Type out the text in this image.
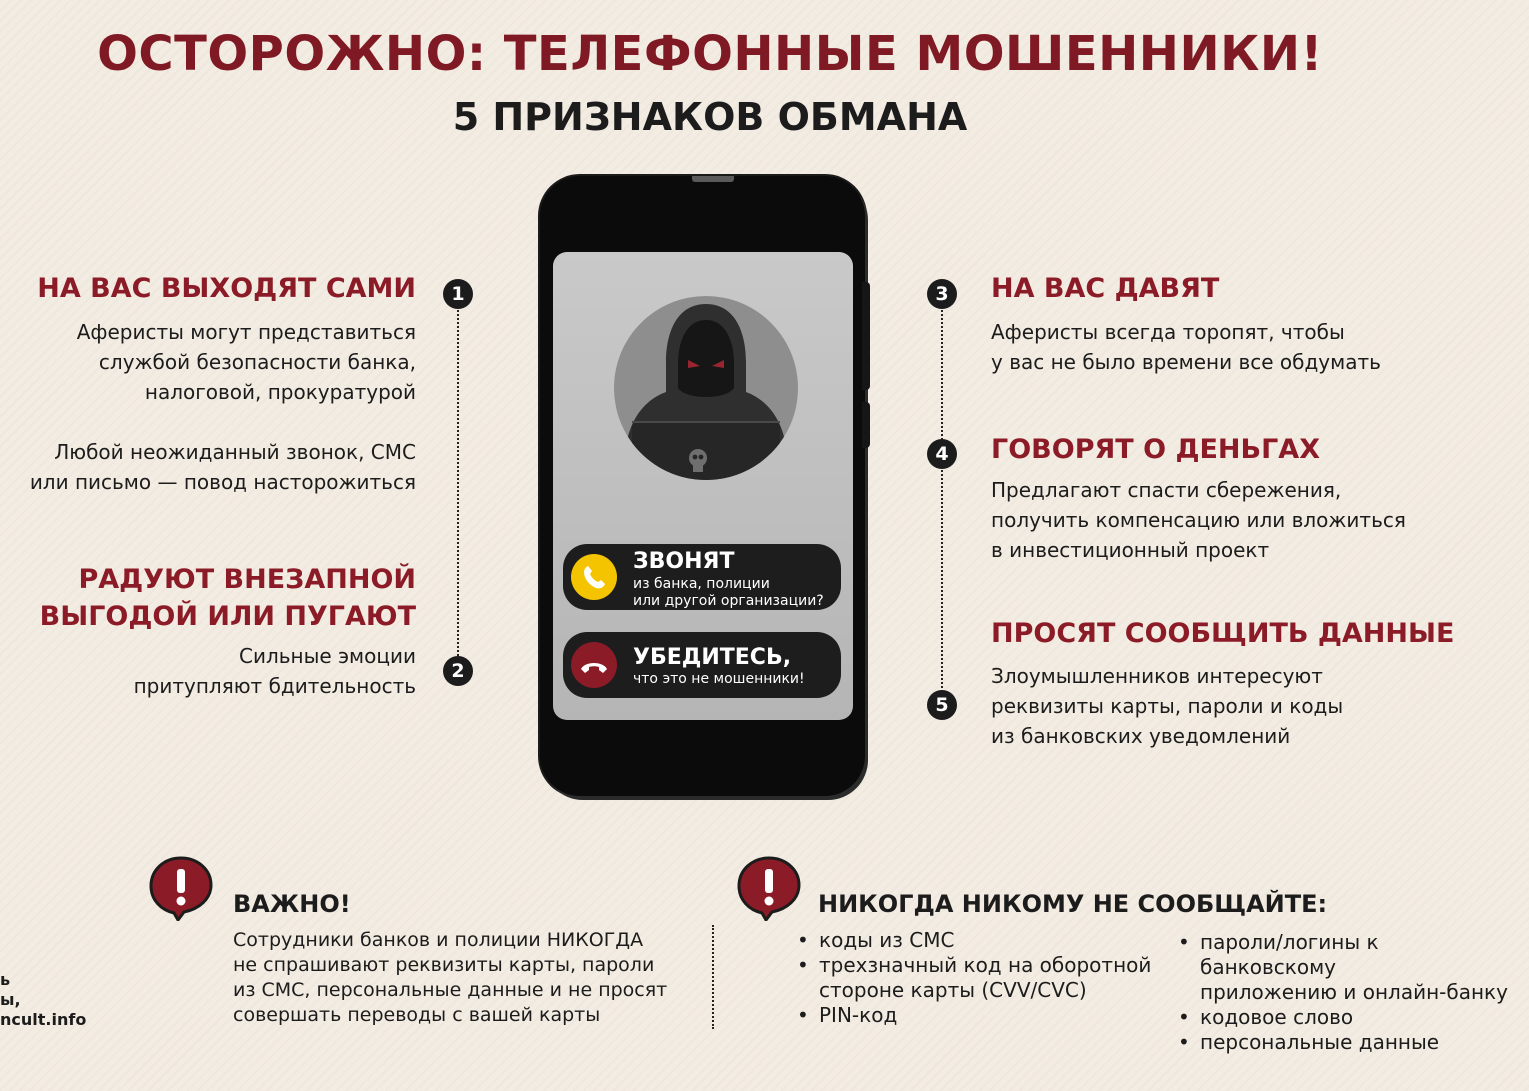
ОСТОРОЖНО: ТЕЛЕФОННЫЕ МОШЕННИКИ!
5 ПРИЗНАКОВ ОБМАНА
НА ВАС ВЫХОДЯТ САМИ
Аферисты могут представиться
службой безопасности банка,
налоговой, прокуратурой
Любой неожиданный звонок, СМС
или письмо — повод насторожиться
РАДУЮТ ВНЕЗАПНОЙ
ВЫГОДОЙ ИЛИ ПУГАЮТ
Сильные эмоции
притупляют бдительность
1
2
3
4
5
НА ВАС ДАВЯТ
Аферисты всегда торопят, чтобы
у вас не было времени все обдумать
ГОВОРЯТ О ДЕНЬГАХ
Предлагают спасти сбережения,
получить компенсацию или вложиться
в инвестиционный проект
ПРОСЯТ СООБЩИТЬ ДАННЫЕ
Злоумышленников интересуют
реквизиты карты, пароли и коды
из банковских уведомлений
ЗВОНЯТ
из банка, полиции
или другой организации?
УБЕДИТЕСЬ,
что это не мошенники!
ВАЖНО!
Сотрудники банков и полиции НИКОГДА
не спрашивают реквизиты карты, пароли
из СМС, персональные данные и не просят
совершать переводы с вашей карты
НИКОГДА НИКОМУ НЕ СООБЩАЙТЕ:
• коды из СМС
• трехзначный код на оборотной
стороне карты (CVV/CVC)
• PIN-код
• пароли/логины к банковскому
приложению и онлайн-банку
• кодовое слово
• персональные данные
ь
ы,
ncult.info
